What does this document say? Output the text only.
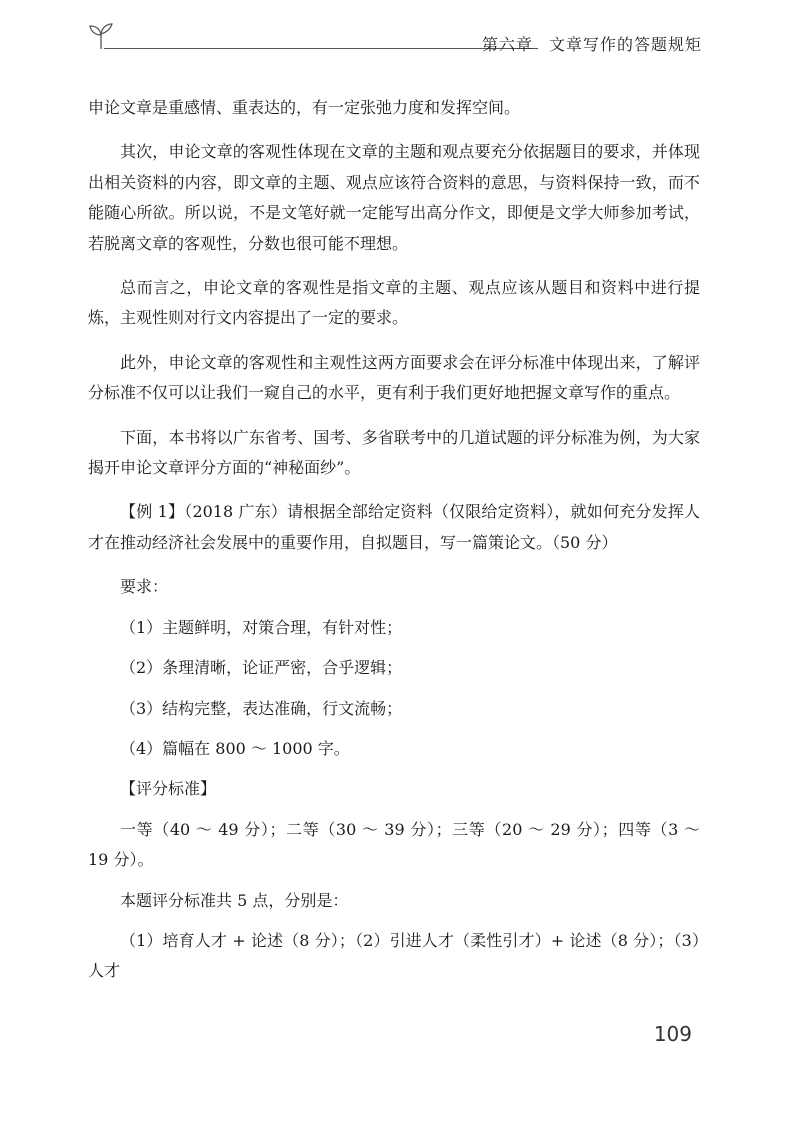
第六章 文章写作的答题规矩

申论文章是重感情、重表达的，有一定张弛力度和发挥空间。

其次，申论文章的客观性体现在文章的主题和观点要充分依据题目的要求，并体现出相关资料的内容，即文章的主题、观点应该符合资料的意思，与资料保持一致，而不能随心所欲。所以说，不是文笔好就一定能写出高分作文，即便是文学大师参加考试，若脱离文章的客观性，分数也很可能不理想。

总而言之，申论文章的客观性是指文章的主题、观点应该从题目和资料中进行提炼，主观性则对行文内容提出了一定的要求。

此外，申论文章的客观性和主观性这两方面要求会在评分标准中体现出来，了解评分标准不仅可以让我们一窥自己的水平，更有利于我们更好地把握文章写作的重点。

下面，本书将以广东省考、国考、多省联考中的几道试题的评分标准为例，为大家揭开申论文章评分方面的“神秘面纱”。

【例 1】（2018 广东）请根据全部给定资料（仅限给定资料），就如何充分发挥人才在推动经济社会发展中的重要作用，自拟题目，写一篇策论文。（50 分）

要求：

（1）主题鲜明，对策合理，有针对性；

（2）条理清晰，论证严密，合乎逻辑；

（3）结构完整，表达准确，行文流畅；

（4）篇幅在 800 ～ 1000 字。

【评分标准】

一等（40 ～ 49 分）；二等（30 ～ 39 分）；三等（20 ～ 29 分）；四等（3 ～ 19 分）。

本题评分标准共 5 点，分别是：

（1）培育人才 + 论述（8 分）；（2）引进人才（柔性引才）+ 论述（8 分）；（3）人才

109
